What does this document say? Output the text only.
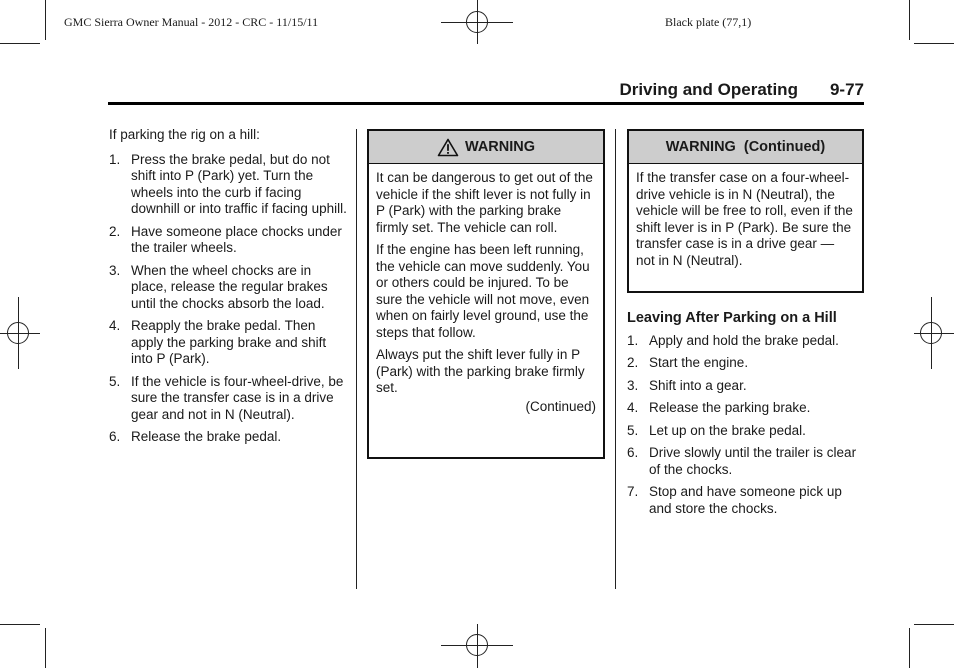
GMC Sierra Owner Manual - 2012 - CRC - 11/15/11	Black plate (77,1)
Driving and Operating 9-77

If parking the rig on a hill:

1. Press the brake pedal, but do not shift into P (Park) yet. Turn the wheels into the curb if facing downhill or into traffic if facing uphill.
2. Have someone place chocks under the trailer wheels.
3. When the wheel chocks are in place, release the regular brakes until the chocks absorb the load.
4. Reapply the brake pedal. Then apply the parking brake and shift into P (Park).
5. If the vehicle is four-wheel-drive, be sure the transfer case is in a drive gear and not in N (Neutral).
6. Release the brake pedal.
WARNING

It can be dangerous to get out of the vehicle if the shift lever is not fully in P (Park) with the parking brake firmly set. The vehicle can roll.

If the engine has been left running, the vehicle can move suddenly. You or others could be injured. To be sure the vehicle will not move, even when on fairly level ground, use the steps that follow.

Always put the shift lever fully in P (Park) with the parking brake firmly set.

(Continued)
WARNING  (Continued)

If the transfer case on a four-wheel-drive vehicle is in N (Neutral), the vehicle will be free to roll, even if the shift lever is in P (Park). Be sure the transfer case is in a drive gear — not in N (Neutral).

Leaving After Parking on a Hill
1. Apply and hold the brake pedal.
2. Start the engine.
3. Shift into a gear.
4. Release the parking brake.
5. Let up on the brake pedal.
6. Drive slowly until the trailer is clear of the chocks.
7. Stop and have someone pick up and store the chocks.
